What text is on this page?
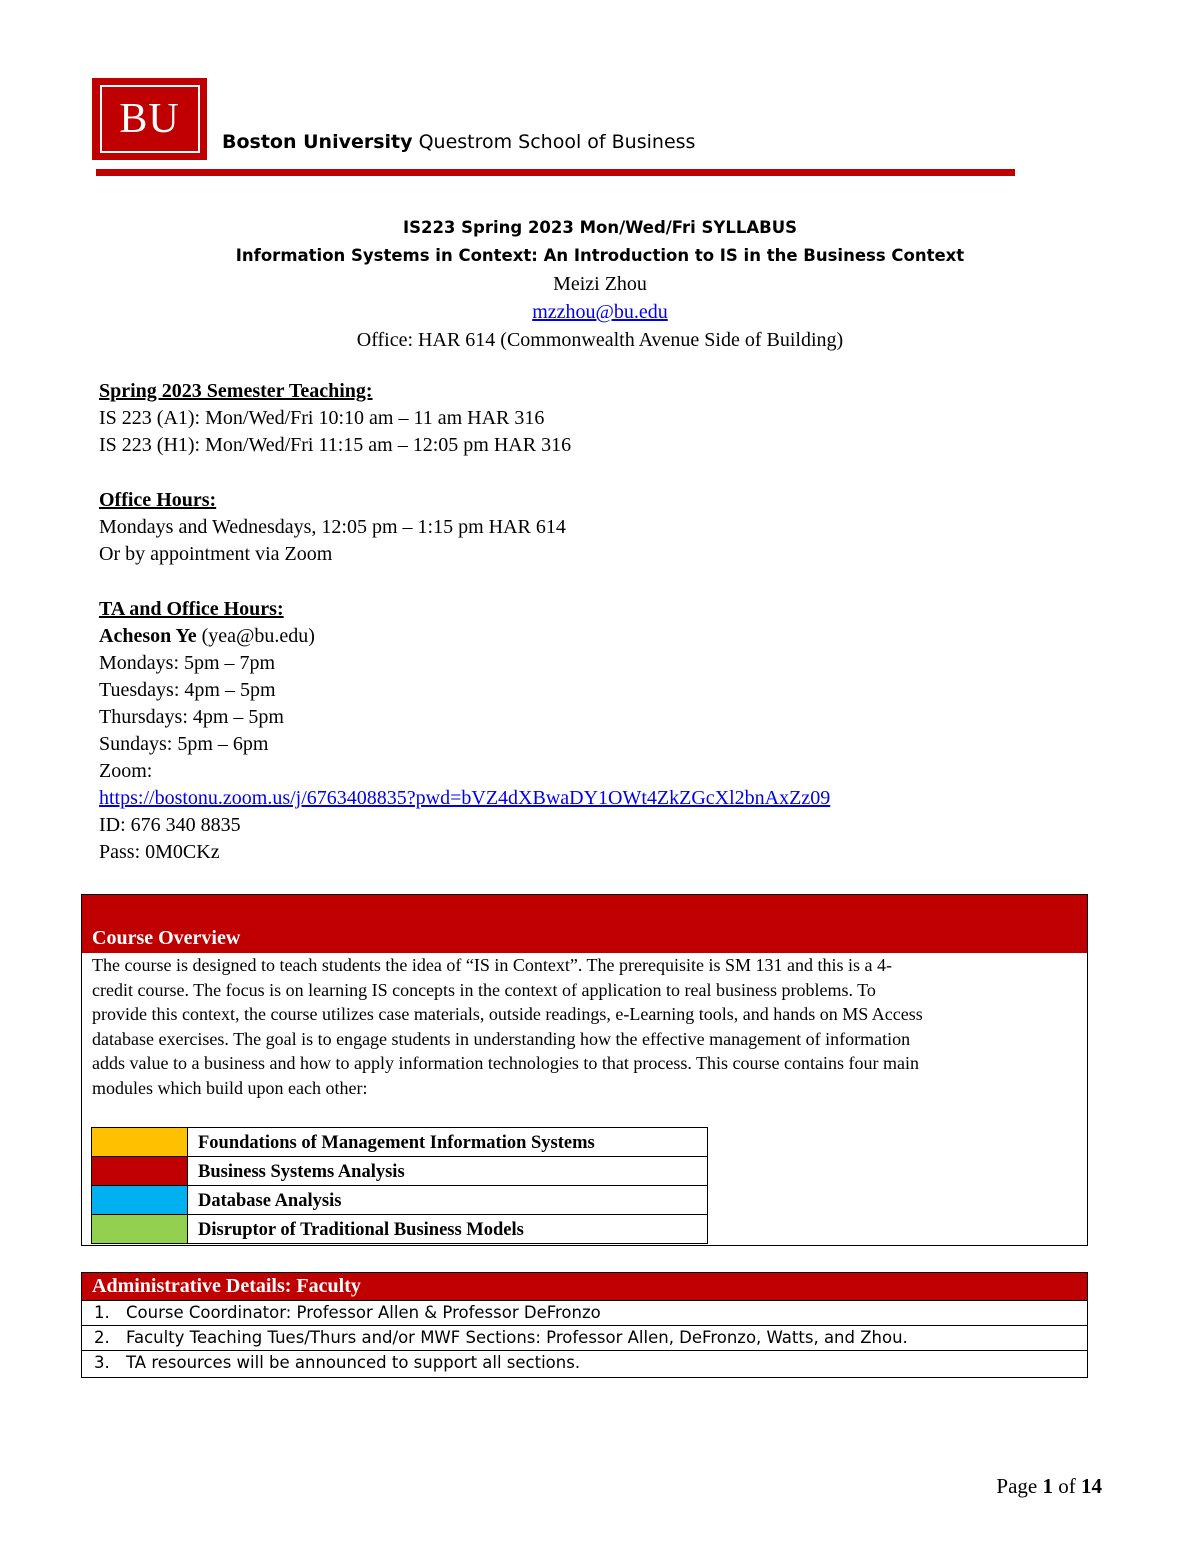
BU	Boston University Questrom School of Business
IS223 Spring 2023 Mon/Wed/Fri SYLLABUS
Information Systems in Context: An Introduction to IS in the Business Context
Meizi Zhou
mzzhou@bu.edu
Office: HAR 614 (Commonwealth Avenue Side of Building)
Spring 2023 Semester Teaching:
IS 223 (A1): Mon/Wed/Fri 10:10 am – 11 am HAR 316
IS 223 (H1): Mon/Wed/Fri 11:15 am – 12:05 pm HAR 316
Office Hours:
Mondays and Wednesdays, 12:05 pm – 1:15 pm HAR 614
Or by appointment via Zoom
TA and Office Hours:
Acheson Ye (yea@bu.edu)
Mondays: 5pm – 7pm
Tuesdays: 4pm – 5pm
Thursdays: 4pm – 5pm
Sundays: 5pm – 6pm
Zoom:
https://bostonu.zoom.us/j/6763408835?pwd=bVZ4dXBwaDY1OWt4ZkZGcXl2bnAxZz09
ID: 676 340 8835
Pass: 0M0CKz
Course Overview
The course is designed to teach students the idea of “IS in Context”. The prerequisite is SM 131 and this is a 4-
credit course. The focus is on learning IS concepts in the context of application to real business problems. To
provide this context, the course utilizes case materials, outside readings, e-Learning tools, and hands on MS Access
database exercises. The goal is to engage students in understanding how the effective management of information
adds value to a business and how to apply information technologies to that process. This course contains four main
modules which build upon each other:
	Foundations of Management Information Systems
	Business Systems Analysis
	Database Analysis
	Disruptor of Traditional Business Models
Administrative Details: Faculty
1. Course Coordinator: Professor Allen & Professor DeFronzo
2. Faculty Teaching Tues/Thurs and/or MWF Sections: Professor Allen, DeFronzo, Watts, and Zhou.
3. TA resources will be announced to support all sections.
Page 1 of 14
